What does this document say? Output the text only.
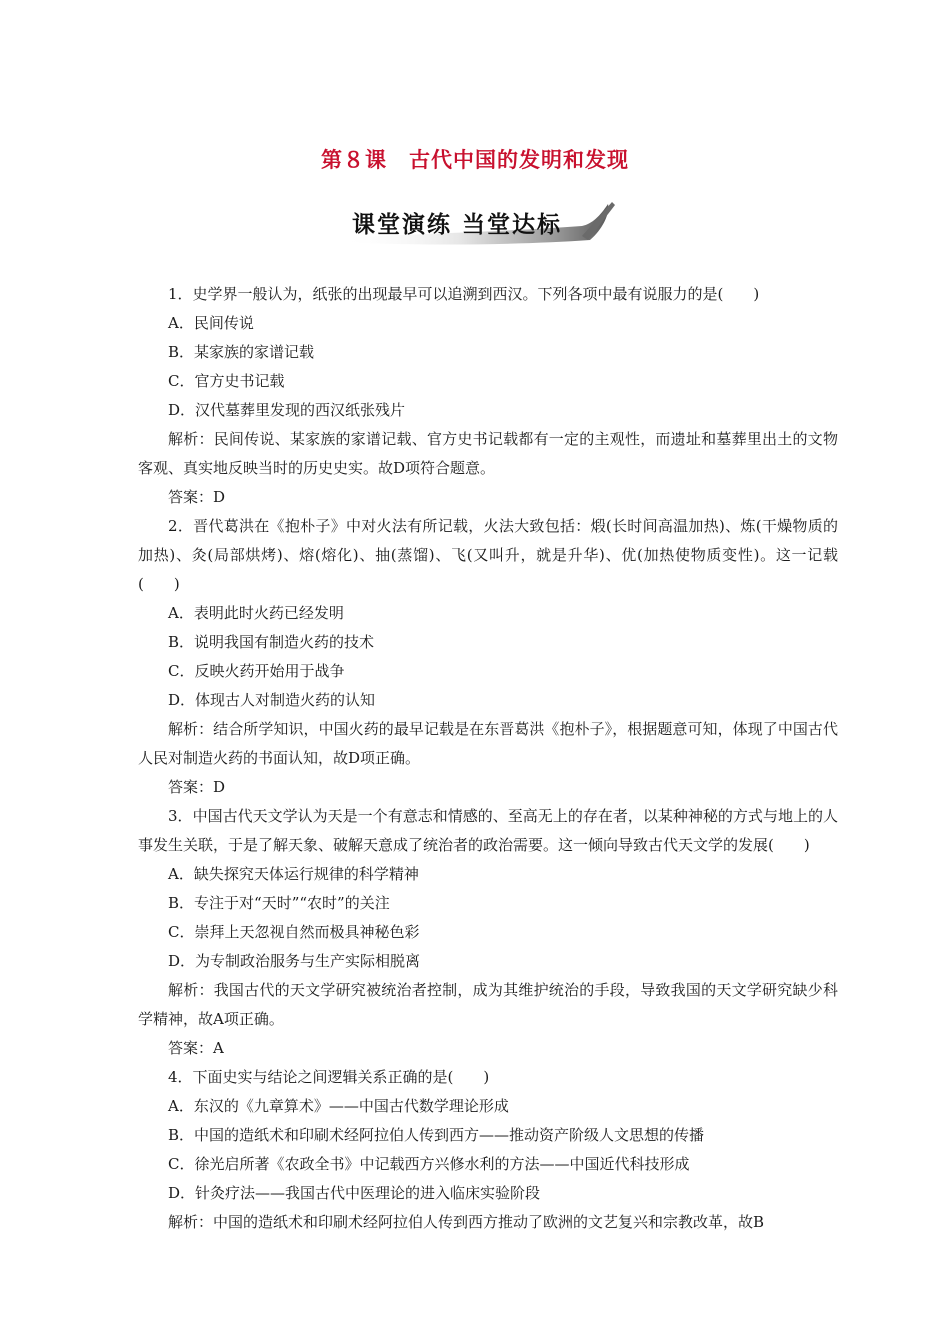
第８课　古代中国的发明和发现
课堂演练 当堂达标

1．史学界一般认为，纸张的出现最早可以追溯到西汉。下列各项中最有说服力的是(　　)

A．民间传说

B．某家族的家谱记载

C．官方史书记载

D．汉代墓葬里发现的西汉纸张残片

解析：民间传说、某家族的家谱记载、官方史书记载都有一定的主观性，而遗址和墓葬里出土的文物客观、真实地反映当时的历史史实。故D项符合题意。

答案：D

2．晋代葛洪在《抱朴子》中对火法有所记载，火法大致包括：煅(长时间高温加热)、炼(干燥物质的加热)、灸(局部烘烤)、熔(熔化)、抽(蒸馏)、飞(又叫升，就是升华)、优(加热使物质变性)。这一记载(　　)

A．表明此时火药已经发明

B．说明我国有制造火药的技术

C．反映火药开始用于战争

D．体现古人对制造火药的认知

解析：结合所学知识，中国火药的最早记载是在东晋葛洪《抱朴子》，根据题意可知，体现了中国古代人民对制造火药的书面认知，故D项正确。

答案：D

3．中国古代天文学认为天是一个有意志和情感的、至高无上的存在者，以某种神秘的方式与地上的人事发生关联，于是了解天象、破解天意成了统治者的政治需要。这一倾向导致古代天文学的发展(　　)

A．缺失探究天体运行规律的科学精神

B．专注于对“天时”“农时”的关注

C．崇拜上天忽视自然而极具神秘色彩

D．为专制政治服务与生产实际相脱离

解析：我国古代的天文学研究被统治者控制，成为其维护统治的手段，导致我国的天文学研究缺少科学精神，故A项正确。

答案：A

4．下面史实与结论之间逻辑关系正确的是(　　)

A．东汉的《九章算术》——中国古代数学理论形成

B．中国的造纸术和印刷术经阿拉伯人传到西方——推动资产阶级人文思想的传播

C．徐光启所著《农政全书》中记载西方兴修水利的方法——中国近代科技形成

D．针灸疗法——我国古代中医理论的进入临床实验阶段

解析：中国的造纸术和印刷术经阿拉伯人传到西方推动了欧洲的文艺复兴和宗教改革，故B
